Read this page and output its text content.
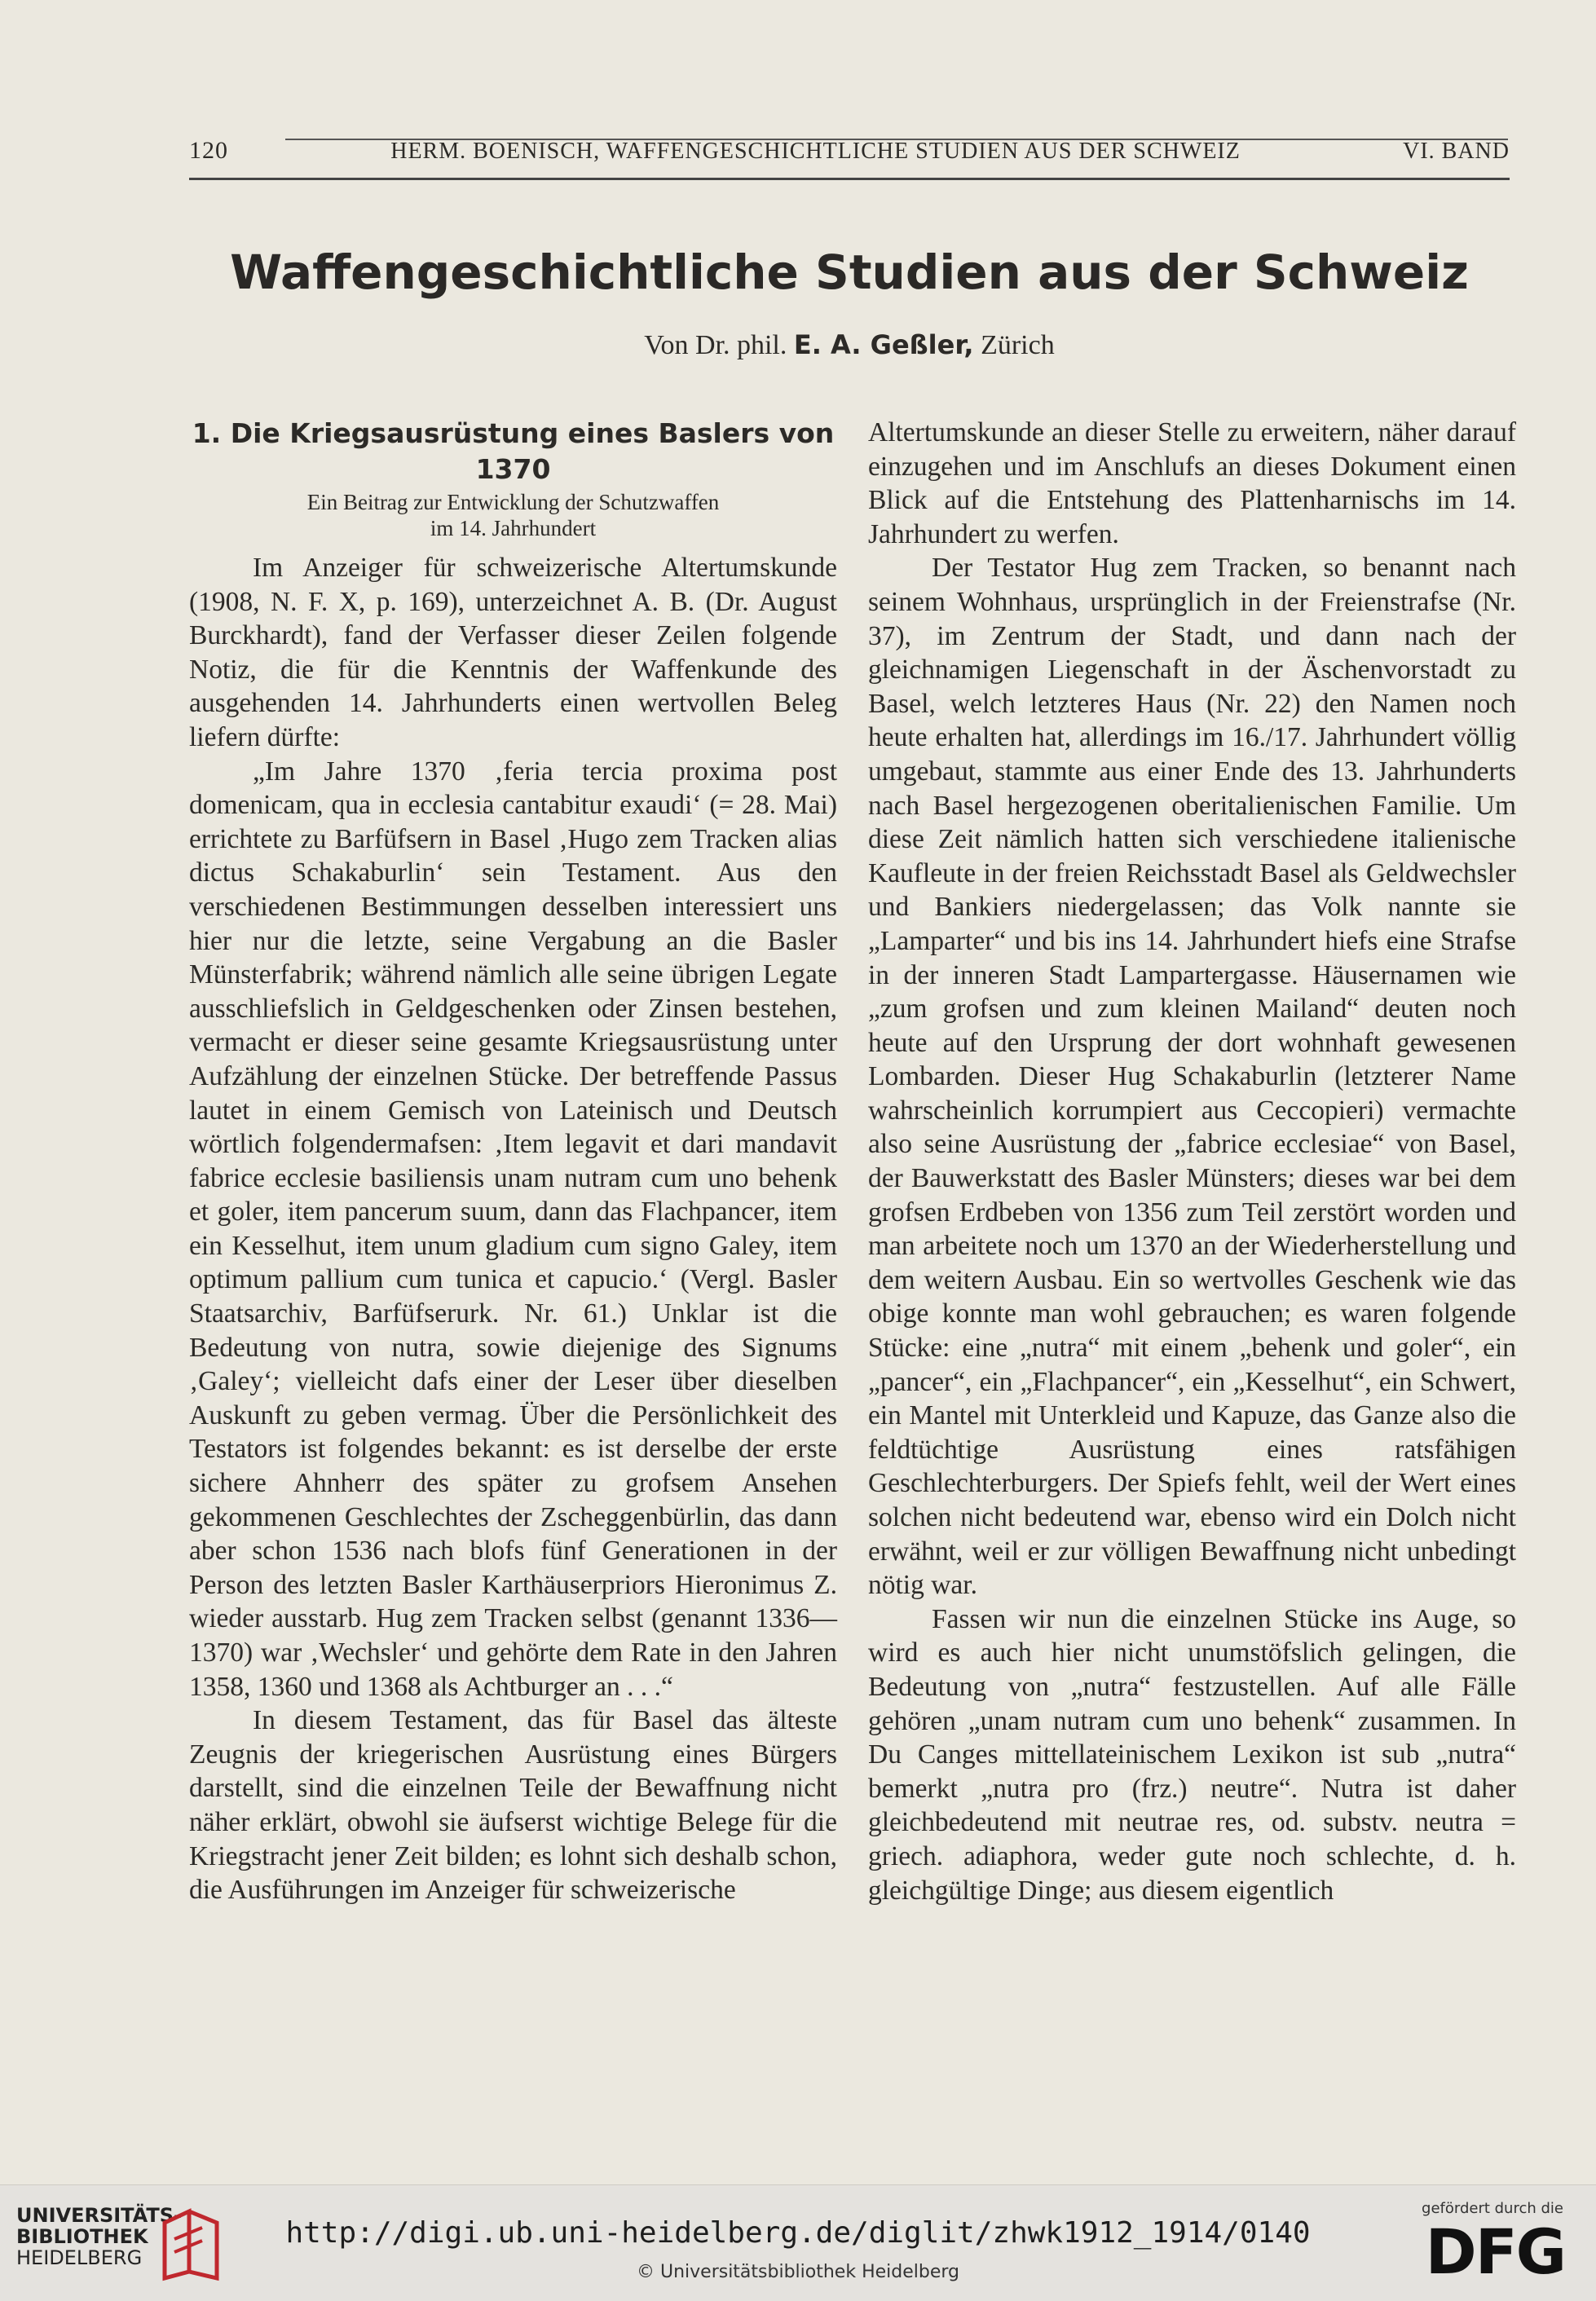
120	HERM. BOENISCH, WAFFENGESCHICHTLICHE STUDIEN AUS DER SCHWEIZ	VI. BAND
Waffengeschichtliche Studien aus der Schweiz
Von Dr. phil. E. A. Geßler, Zürich

1. Die Kriegsausrüstung eines Baslers von 1370

Ein Beitrag zur Entwicklung der Schutzwaffen
im 14. Jahrhundert

Im Anzeiger für schweizerische Altertumskunde (1908, N. F. X, p. 169), unterzeichnet A. B. (Dr. August Burckhardt), fand der Verfasser dieser Zeilen folgende Notiz, die für die Kenntnis der Waffenkunde des ausgehenden 14. Jahrhunderts einen wertvollen Beleg liefern dürfte:

„Im Jahre 1370 ‚feria tercia proxima post domenicam, qua in ecclesia cantabitur exaudi‘ (= 28. Mai) errichtete zu Barfüfsern in Basel ‚Hugo zem Tracken alias dictus Schakaburlin‘ sein Testament. Aus den verschiedenen Bestimmungen desselben interessiert uns hier nur die letzte, seine Vergabung an die Basler Münsterfabrik; während nämlich alle seine übrigen Legate ausschliefslich in Geldgeschenken oder Zinsen bestehen, vermacht er dieser seine gesamte Kriegsausrüstung unter Aufzählung der einzelnen Stücke. Der betreffende Passus lautet in einem Gemisch von Lateinisch und Deutsch wörtlich folgendermafsen: ‚Item legavit et dari mandavit fabrice ecclesie basiliensis unam nutram cum uno behenk et goler, item pancerum suum, dann das Flachpancer, item ein Kesselhut, item unum gladium cum signo Galey, item optimum pallium cum tunica et capucio.‘ (Vergl. Basler Staatsarchiv, Barfüfserurk. Nr. 61.) Unklar ist die Bedeutung von nutra, sowie diejenige des Signums ‚Galey‘; vielleicht dafs einer der Leser über dieselben Auskunft zu geben vermag. Über die Persönlichkeit des Testators ist folgendes bekannt: es ist derselbe der erste sichere Ahnherr des später zu grofsem Ansehen gekommenen Geschlechtes der Zscheggenbürlin, das dann aber schon 1536 nach blofs fünf Generationen in der Person des letzten Basler Karthäuserpriors Hieronimus Z. wieder ausstarb. Hug zem Tracken selbst (genannt 1336—1370) war ‚Wechsler‘ und gehörte dem Rate in den Jahren 1358, 1360 und 1368 als Achtburger an . . .“

In diesem Testament, das für Basel das älteste Zeugnis der kriegerischen Ausrüstung eines Bürgers darstellt, sind die einzelnen Teile der Bewaffnung nicht näher erklärt, obwohl sie äufserst wichtige Belege für die Kriegstracht jener Zeit bilden; es lohnt sich deshalb schon, die Ausführungen im Anzeiger für schweizerische

Altertumskunde an dieser Stelle zu erweitern, näher darauf einzugehen und im Anschlufs an dieses Dokument einen Blick auf die Entstehung des Plattenharnischs im 14. Jahrhundert zu werfen.

Der Testator Hug zem Tracken, so benannt nach seinem Wohnhaus, ursprünglich in der Freienstrafse (Nr. 37), im Zentrum der Stadt, und dann nach der gleichnamigen Liegenschaft in der Äschenvorstadt zu Basel, welch letzteres Haus (Nr. 22) den Namen noch heute erhalten hat, allerdings im 16./17. Jahrhundert völlig umgebaut, stammte aus einer Ende des 13. Jahrhunderts nach Basel hergezogenen oberitalienischen Familie. Um diese Zeit nämlich hatten sich verschiedene italienische Kaufleute in der freien Reichsstadt Basel als Geldwechsler und Bankiers niedergelassen; das Volk nannte sie „Lamparter“ und bis ins 14. Jahrhundert hiefs eine Strafse in der inneren Stadt Lampartergasse. Häusernamen wie „zum grofsen und zum kleinen Mailand“ deuten noch heute auf den Ursprung der dort wohnhaft gewesenen Lombarden. Dieser Hug Schakaburlin (letzterer Name wahrscheinlich korrumpiert aus Ceccopieri) vermachte also seine Ausrüstung der „fabrice ecclesiae“ von Basel, der Bauwerkstatt des Basler Münsters; dieses war bei dem grofsen Erdbeben von 1356 zum Teil zerstört worden und man arbeitete noch um 1370 an der Wiederherstellung und dem weitern Ausbau. Ein so wertvolles Geschenk wie das obige konnte man wohl gebrauchen; es waren folgende Stücke: eine „nutra“ mit einem „behenk und goler“, ein „pancer“, ein „Flachpancer“, ein „Kesselhut“, ein Schwert, ein Mantel mit Unterkleid und Kapuze, das Ganze also die feldtüchtige Ausrüstung eines ratsfähigen Geschlechterburgers. Der Spiefs fehlt, weil der Wert eines solchen nicht bedeutend war, ebenso wird ein Dolch nicht erwähnt, weil er zur völligen Bewaffnung nicht unbedingt nötig war.

Fassen wir nun die einzelnen Stücke ins Auge, so wird es auch hier nicht unumstöfslich gelingen, die Bedeutung von „nutra“ festzustellen. Auf alle Fälle gehören „unam nutram cum uno behenk“ zusammen. In Du Canges mittellateinischem Lexikon ist sub „nutra“ bemerkt „nutra pro (frz.) neutre“. Nutra ist daher gleichbedeutend mit neutrae res, od. substv. neutra = griech. adiaphora, weder gute noch schlechte, d. h. gleichgültige Dinge; aus diesem eigentlich

UNIVERSITÄTS-
BIBLIOTHEK
HEIDELBERG
http://digi.ub.uni-heidelberg.de/diglit/zhwk1912_1914/0140
© Universitätsbibliothek Heidelberg
gefördert durch die
DFG
